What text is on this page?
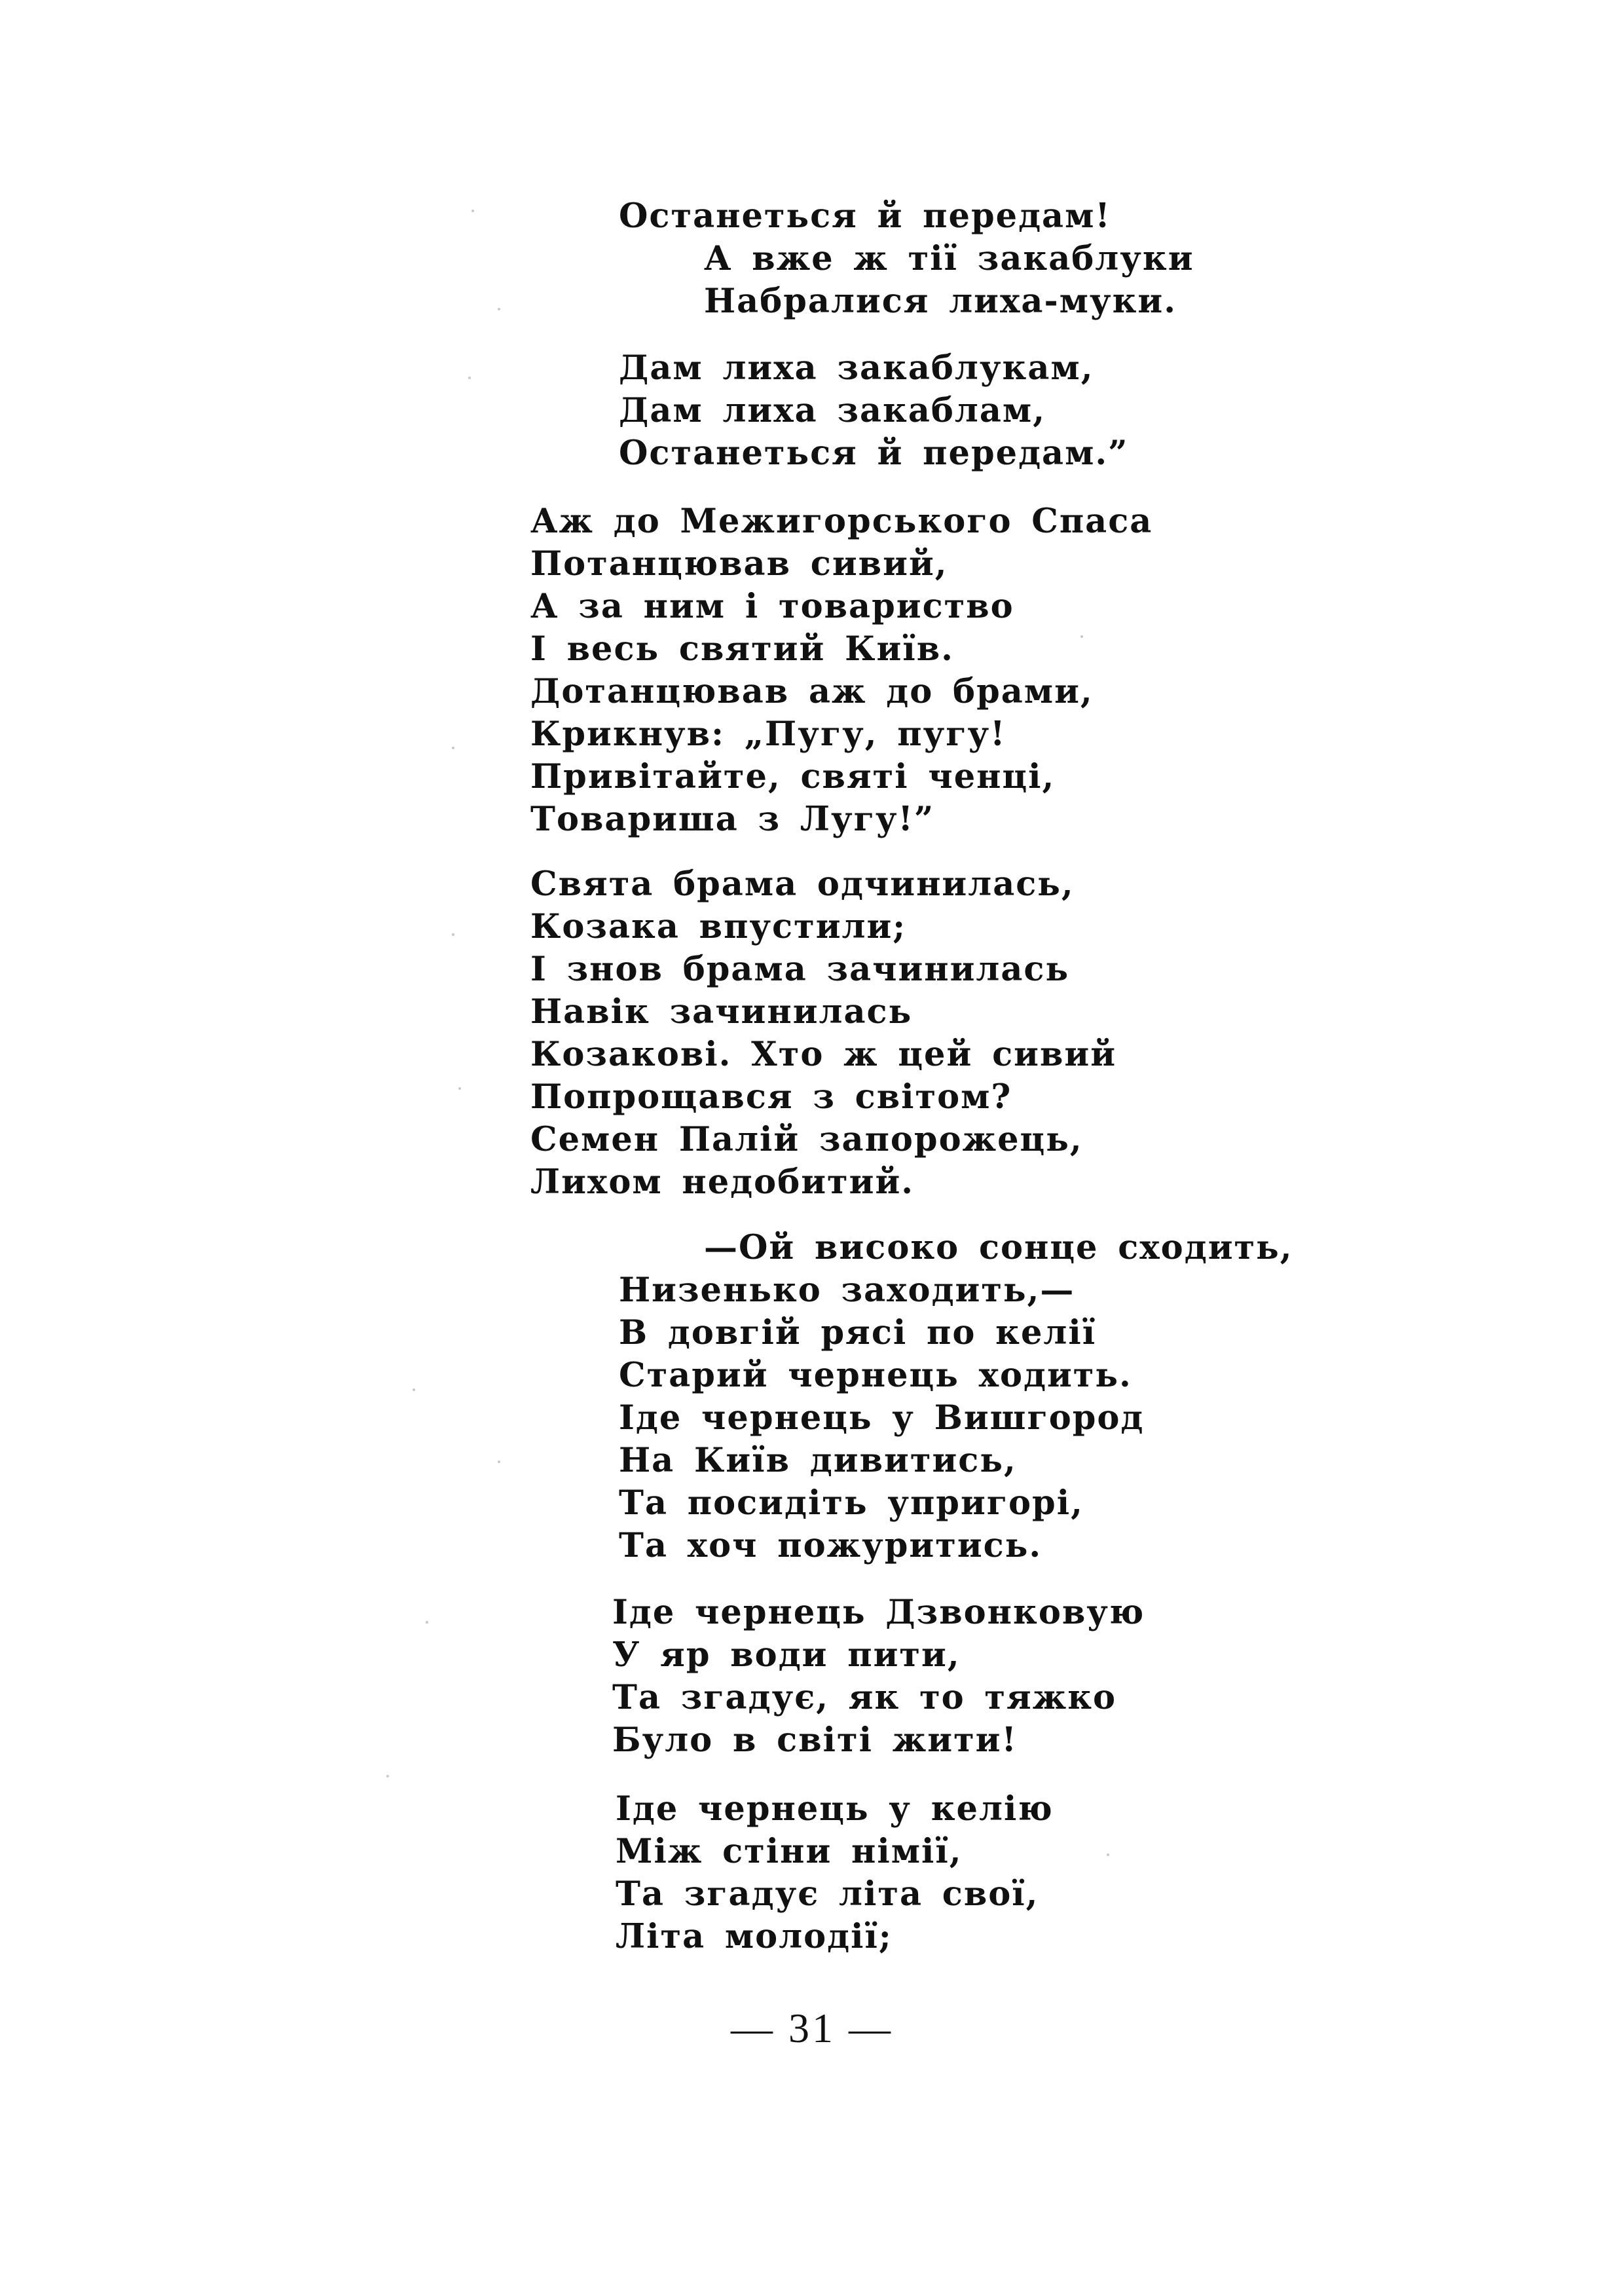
Останеться й передам!
А вже ж тії закаблуки
Набралися лиха-муки.
Дам лиха закаблукам,
Дам лиха закаблам,
Останеться й передам.”
Аж до Межигорського Спаса
Потанцював сивий,
А за ним і товариство
І весь святий Київ.
Дотанцював аж до брами,
Крикнув: „Пугу, пугу!
Привітайте, святі ченці,
Товариша з Лугу!”
Свята брама одчинилась,
Козака впустили;
І знов брама зачинилась
Навік зачинилась
Козакові. Хто ж цей сивий
Попрощався з світом?
Семен Палій запорожець,
Лихом недобитий.
—Ой високо сонце сходить,
Низенько заходить,—
В довгій рясі по келії
Старий чернець ходить.
Іде чернець у Вишгород
На Київ дивитись,
Та посидіть упригорі,
Та хоч пожуритись.
Іде чернець Дзвонковую
У яр води пити,
Та згадує, як то тяжко
Було в світі жити!
Іде чернець у келію
Між стіни німії,
Та згадує літа свої,
Літа молодії;
— 31 —
